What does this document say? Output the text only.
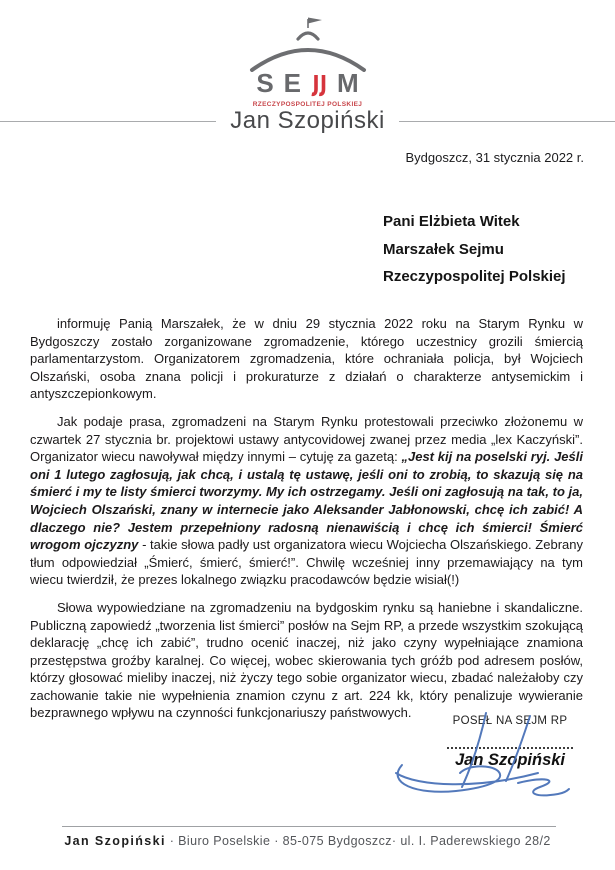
S E M
RZECZYPOSPOLITEJ POLSKIEJ
Jan Szopiński
Bydgoszcz, 31 stycznia 2022 r.
Pani Elżbieta Witek
Marszałek Sejmu
Rzeczypospolitej Polskiej

informuję Panią Marszałek, że w dniu 29 stycznia 2022 roku na Starym Rynku w Bydgoszczy zostało zorganizowane zgromadzenie, którego uczestnicy grozili śmiercią parlamentarzystom. Organizatorem zgromadzenia, które ochraniała policja, był Wojciech Olszański, osoba znana policji i prokuraturze z działań o charakterze antysemickim i antyszczepionkowym.

Jak podaje prasa, zgromadzeni na Starym Rynku protestowali przeciwko złożonemu w czwartek 27 stycznia br. projektowi ustawy antycovidowej zwanej przez media „lex Kaczyński”. Organizator wiecu nawoływał między innymi – cytuję za gazetą: „Jest kij na poselski ryj. Jeśli oni 1 lutego zagłosują, jak chcą, i ustalą tę ustawę, jeśli oni to zrobią, to skazują się na śmierć i my te listy śmierci tworzymy. My ich ostrzegamy. Jeśli oni zagłosują na tak, to ja, Wojciech Olszański, znany w internecie jako Aleksander Jabłonowski, chcę ich zabić! A dlaczego nie? Jestem przepełniony radosną nienawiścią i chcę ich śmierci! Śmierć wrogom ojczyzny - takie słowa padły ust organizatora wiecu Wojciecha Olszańskiego. Zebrany tłum odpowiedział „Śmierć, śmierć, śmierć!”. Chwilę wcześniej inny przemawiający na tym wiecu twierdził, że prezes lokalnego związku pracodawców będzie wisiał(!)

Słowa wypowiedziane na zgromadzeniu na bydgoskim rynku są haniebne i skandaliczne. Publiczną zapowiedź „tworzenia list śmierci” posłów na Sejm RP, a przede wszystkim szokującą deklarację „chcę ich zabić”, trudno ocenić inaczej, niż jako czyny wypełniające znamiona przestępstwa groźby karalnej. Co więcej, wobec skierowania tych gróźb pod adresem posłów, którzy głosować mieliby inaczej, niż życzy tego sobie organizator wiecu, zbadać należałoby czy zachowanie takie nie wypełnienia znamion czynu z art. 224 kk, który penalizuje wywieranie bezprawnego wpływu na czynności funkcjonariuszy państwowych.

POSEŁ NA SEJM RP
Jan Szopiński
Jan Szopiński · Biuro Poselskie · 85-075 Bydgoszcz· ul. I. Paderewskiego 28/2
